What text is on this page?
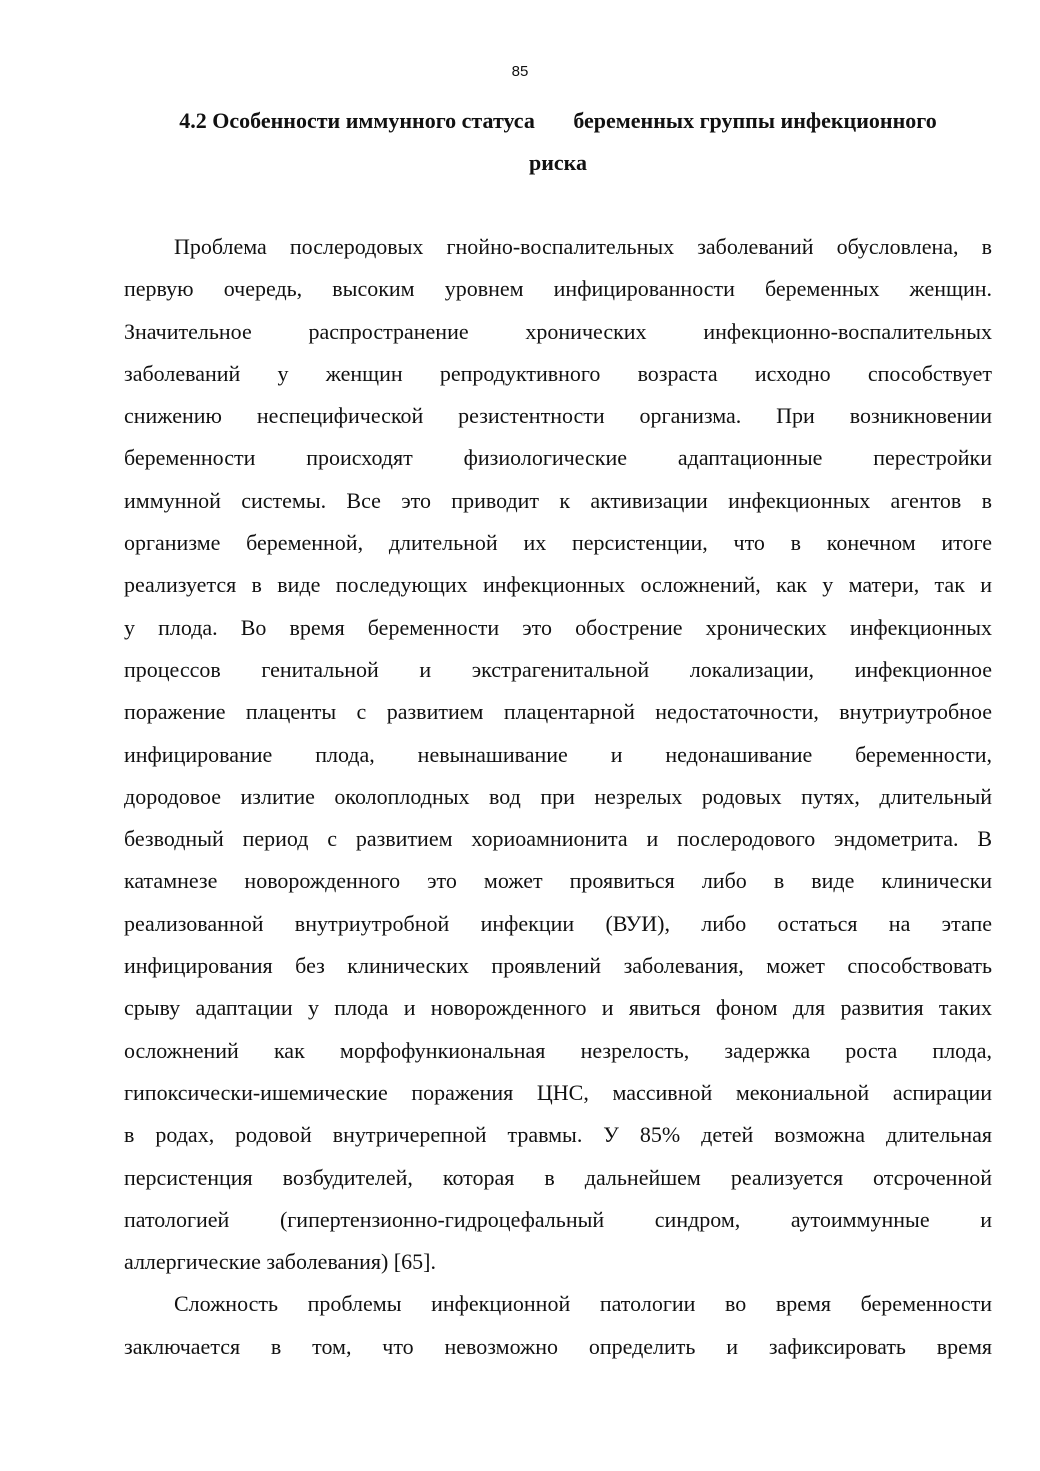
85
4.2 Особенности иммунного статуса       беременных группы инфекционного
риска

Проблема послеродовых гнойно-воспалительных заболеваний обусловлена, в
первую очередь, высоким уровнем инфицированности беременных женщин.
Значительное распространение хронических инфекционно-воспалительных
заболеваний у женщин репродуктивного возраста исходно способствует
снижению неспецифической резистентности организма. При возникновении
беременности происходят физиологические адаптационные перестройки
иммунной системы. Все это приводит к активизации инфекционных агентов в
организме беременной, длительной их персистенции, что в конечном итоге
реализуется в виде последующих инфекционных осложнений, как у матери, так и
у плода. Во время беременности это обострение хронических инфекционных
процессов генитальной и экстрагенитальной локализации, инфекционное
поражение плаценты с развитием плацентарной недостаточности, внутриутробное
инфицирование плода, невынашивание и недонашивание беременности,
дородовое излитие околоплодных вод при незрелых родовых путях, длительный
безводный период с развитием хориоамнионита и послеродового эндометрита. В
катамнезе новорожденного это может проявиться либо в виде клинически
реализованной внутриутробной инфекции (ВУИ), либо остаться на этапе
инфицирования без клинических проявлений заболевания, может способствовать
срыву адаптации у плода и новорожденного и явиться фоном для развития таких
осложнений как морфофункиональная незрелость, задержка роста плода,
гипоксически-ишемические поражения ЦНС, массивной мекониальной аспирации
в родах, родовой внутричерепной травмы. У 85% детей возможна длительная
персистенция возбудителей, которая в дальнейшем реализуется отсроченной
патологией (гипертензионно-гидроцефальный синдром, аутоиммунные и
аллергические заболевания) [65].

Сложность проблемы инфекционной патологии во время беременности
заключается в том, что невозможно определить и зафиксировать время
